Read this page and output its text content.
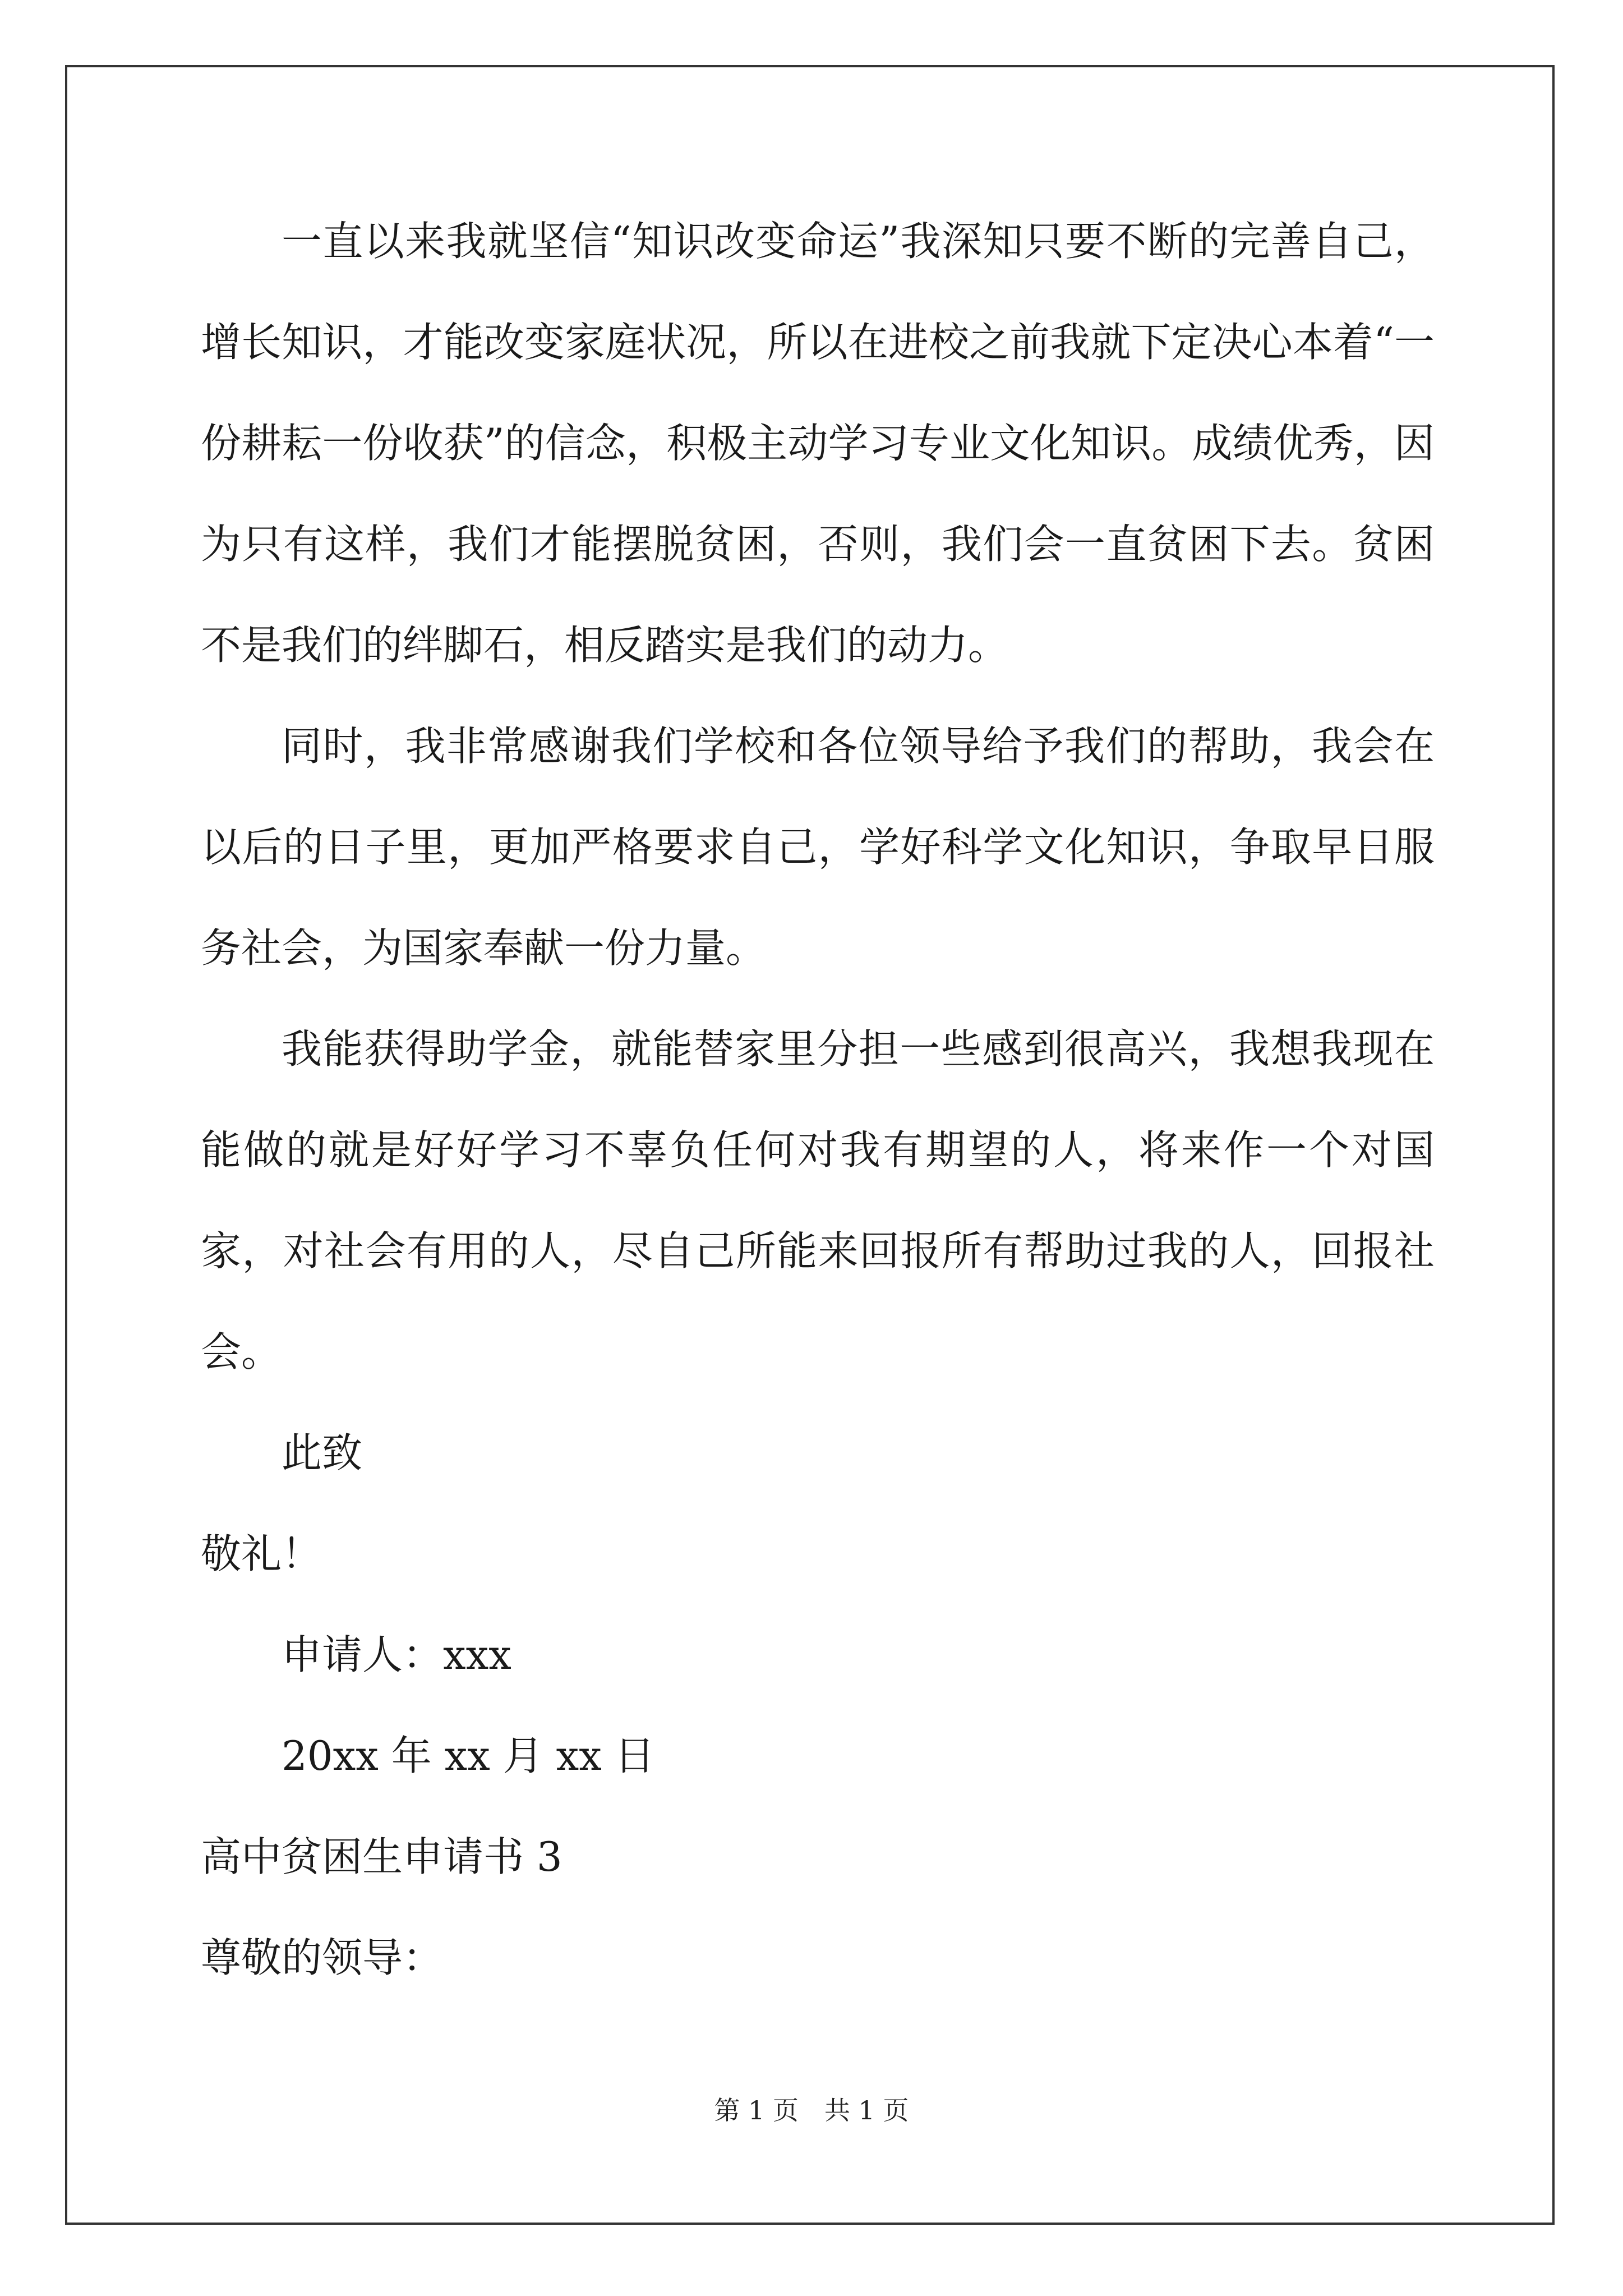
一直以来我就坚信“知识改变命运”我深知只要不断的完善自己，增长知识，才能改变家庭状况，所以在进校之前我就下定决心本着“一份耕耘一份收获”的信念，积极主动学习专业文化知识。成绩优秀，因为只有这样，我们才能摆脱贫困，否则，我们会一直贫困下去。贫困不是我们的绊脚石，相反踏实是我们的动力。

同时，我非常感谢我们学校和各位领导给予我们的帮助，我会在以后的日子里，更加严格要求自己，学好科学文化知识，争取早日服务社会，为国家奉献一份力量。

我能获得助学金，就能替家里分担一些感到很高兴，我想我现在能做的就是好好学习不辜负任何对我有期望的人，将来作一个对国家，对社会有用的人，尽自己所能来回报所有帮助过我的人，回报社会。

此致

敬礼！

申请人：xxx

20xx 年 xx 月 xx 日

高中贫困生申请书 3

尊敬的领导：

第 1 页　共 1 页
